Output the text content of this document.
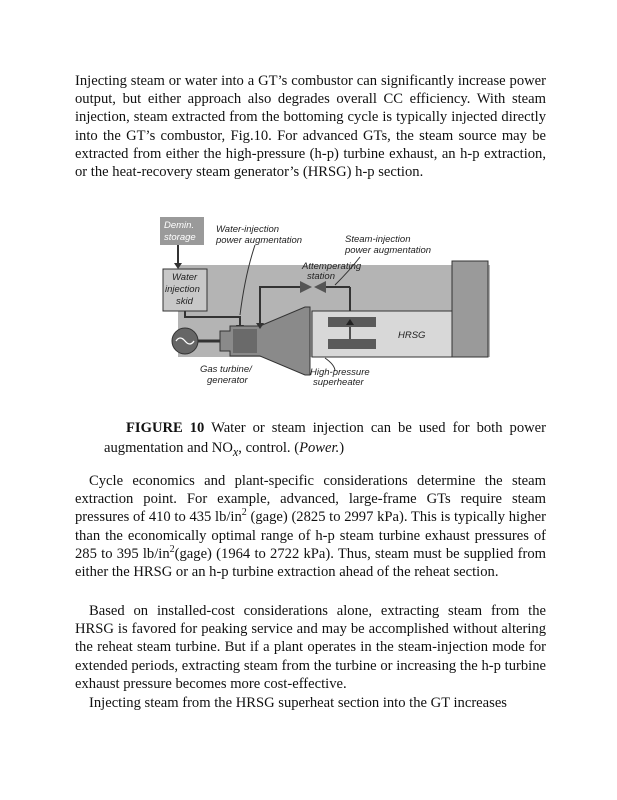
Injecting steam or water into a GT’s combustor can significantly increase power output, but either approach also degrades overall CC efficiency. With steam injection, steam extracted from the bottoming cycle is typically injected directly into the GT’s combustor, Fig.10. For advanced GTs, the steam source may be extracted from either the high-pressure (h-p) turbine exhaust, an h-p extraction, or the heat-recovery steam generator’s (HRSG) h-p section.

Demin.
storage
Water
injection
skid
HRSG
Water-injection
power augmentation	Steam-injection
power augmentation
Attemperating
station
Gas turbine/
generator
High-pressure
superheater

FIGURE 10 Water or steam injection can be used for both power augmentation and $NO_x$, control. (Power.)

Cycle economics and plant-specific considerations determine the steam extraction point. For example, advanced, large-frame GTs require steam pressures of 410 to 435 $lb/in^2$ (gage) (2825 to 2997 kPa). This is typically higher than the economically optimal range of h-p steam turbine exhaust pressures of 285 to 395 $lb/in^2(gage)$ (1964 to 2722 kPa). Thus, steam must be supplied from either the HRSG or an h-p turbine extraction ahead of the reheat section.

Based on installed-cost considerations alone, extracting steam from the HRSG is favored for peaking service and may be accomplished without altering the reheat steam turbine. But if a plant operates in the steam-injection mode for extended periods, extracting steam from the turbine or increasing the h-p turbine exhaust pressure becomes more cost-effective.

Injecting steam from the HRSG superheat section into the GT increases
